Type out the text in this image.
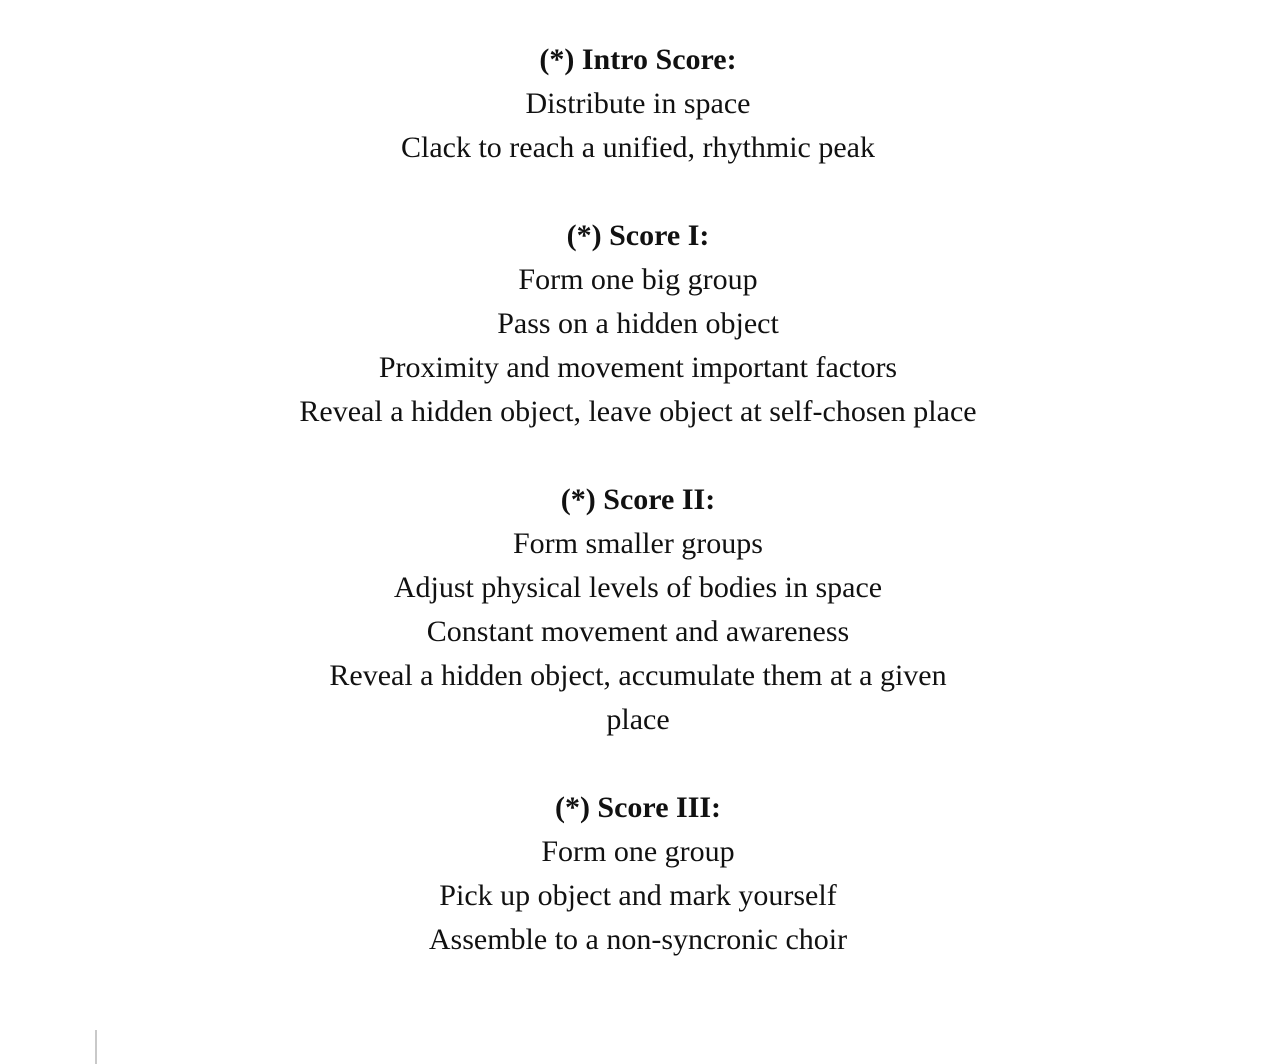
(*) Intro Score:

Distribute in space

Clack to reach a unified, rhythmic peak

(*) Score I:

Form one big group

Pass on a hidden object

Proximity and movement important factors

Reveal a hidden object, leave object at self-chosen place

(*) Score II:

Form smaller groups

Adjust physical levels of bodies in space

Constant movement and awareness

Reveal a hidden object, accumulate them at a given

place

(*) Score III:

Form one group

Pick up object and mark yourself

Assemble to a non-syncronic choir
